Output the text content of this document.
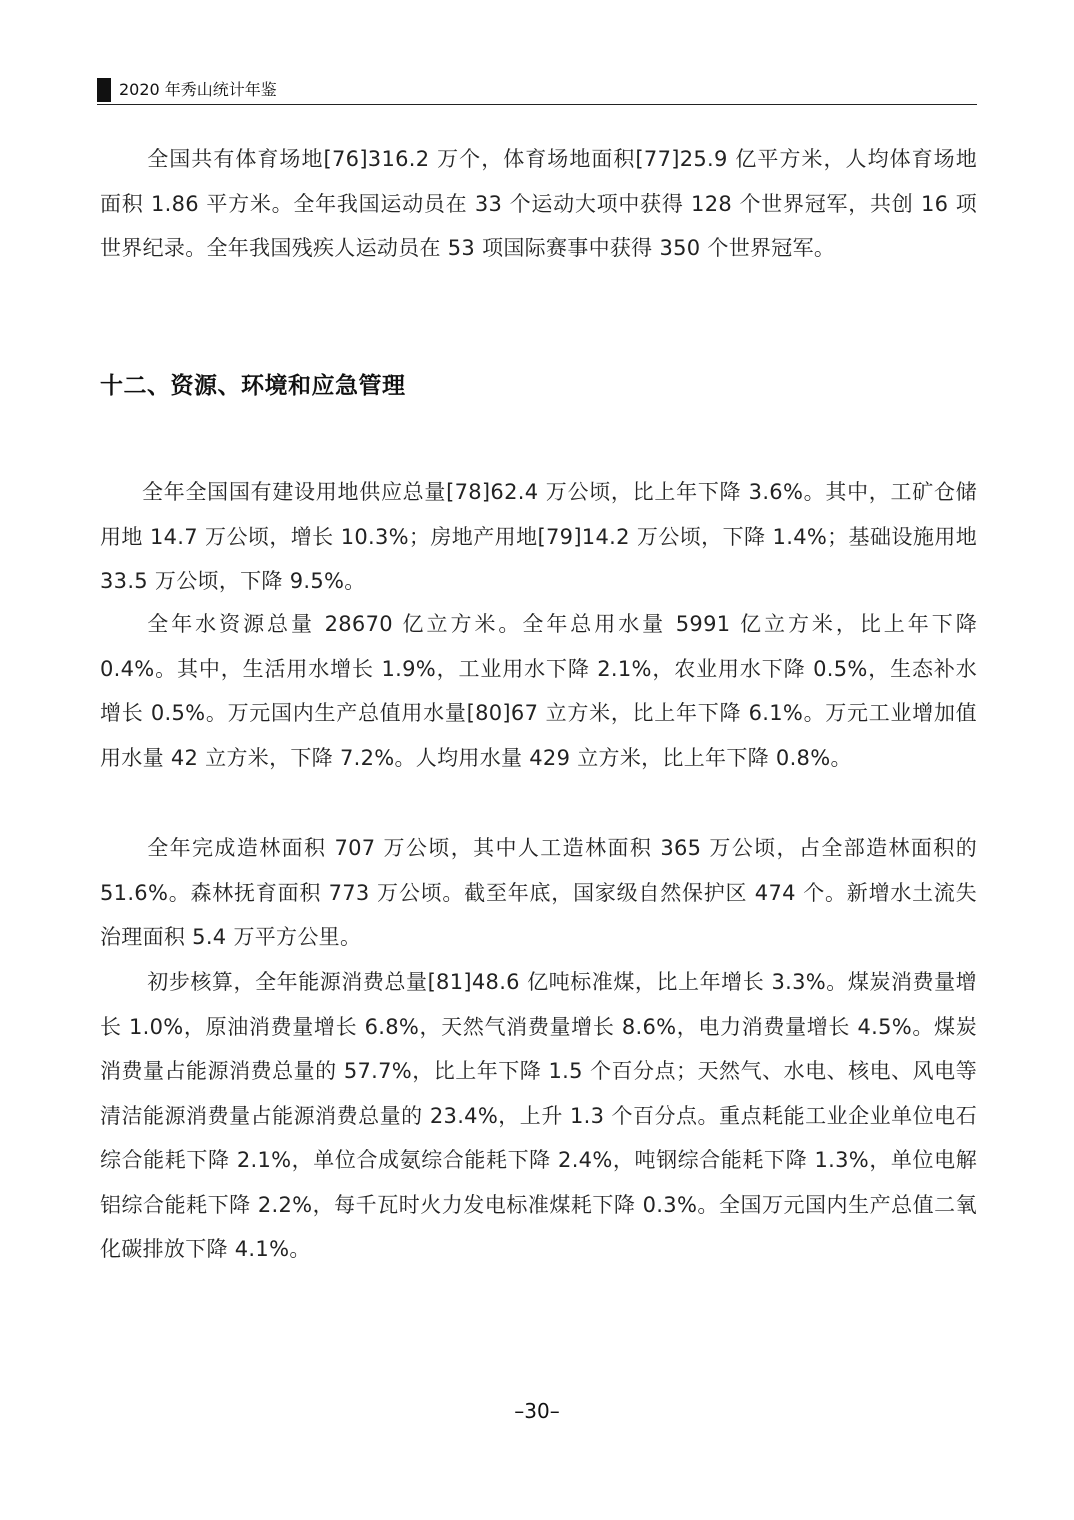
2020 年秀山统计年鉴

全国共有体育场地[76]316.2 万个，体育场地面积[77]25.9 亿平方米，人均体育场地面积 1.86 平方米。全年我国运动员在 33 个运动大项中获得 128 个世界冠军，共创 16 项世界纪录。全年我国残疾人运动员在 53 项国际赛事中获得 350 个世界冠军。

十二、资源、环境和应急管理

全年全国国有建设用地供应总量[78]62.4 万公顷，比上年下降 3.6%。其中，工矿仓储用地 14.7 万公顷，增长 10.3%；房地产用地[79]14.2 万公顷，下降 1.4%；基础设施用地 33.5 万公顷，下降 9.5%。

全年水资源总量 28670 亿立方米。全年总用水量 5991 亿立方米，比上年下降 0.4%。其中，生活用水增长 1.9%，工业用水下降 2.1%，农业用水下降 0.5%，生态补水增长 0.5%。万元国内生产总值用水量[80]67 立方米，比上年下降 6.1%。万元工业增加值用水量 42 立方米，下降 7.2%。人均用水量 429 立方米，比上年下降 0.8%。

全年完成造林面积 707 万公顷，其中人工造林面积 365 万公顷，占全部造林面积的 51.6%。森林抚育面积 773 万公顷。截至年底，国家级自然保护区 474 个。新增水土流失治理面积 5.4 万平方公里。

初步核算，全年能源消费总量[81]48.6 亿吨标准煤，比上年增长 3.3%。煤炭消费量增长 1.0%，原油消费量增长 6.8%，天然气消费量增长 8.6%，电力消费量增长 4.5%。煤炭消费量占能源消费总量的 57.7%，比上年下降 1.5 个百分点；天然气、水电、核电、风电等清洁能源消费量占能源消费总量的 23.4%，上升 1.3 个百分点。重点耗能工业企业单位电石综合能耗下降 2.1%，单位合成氨综合能耗下降 2.4%，吨钢综合能耗下降 1.3%，单位电解铝综合能耗下降 2.2%，每千瓦时火力发电标准煤耗下降 0.3%。全国万元国内生产总值二氧化碳排放下降 4.1%。

–30–
